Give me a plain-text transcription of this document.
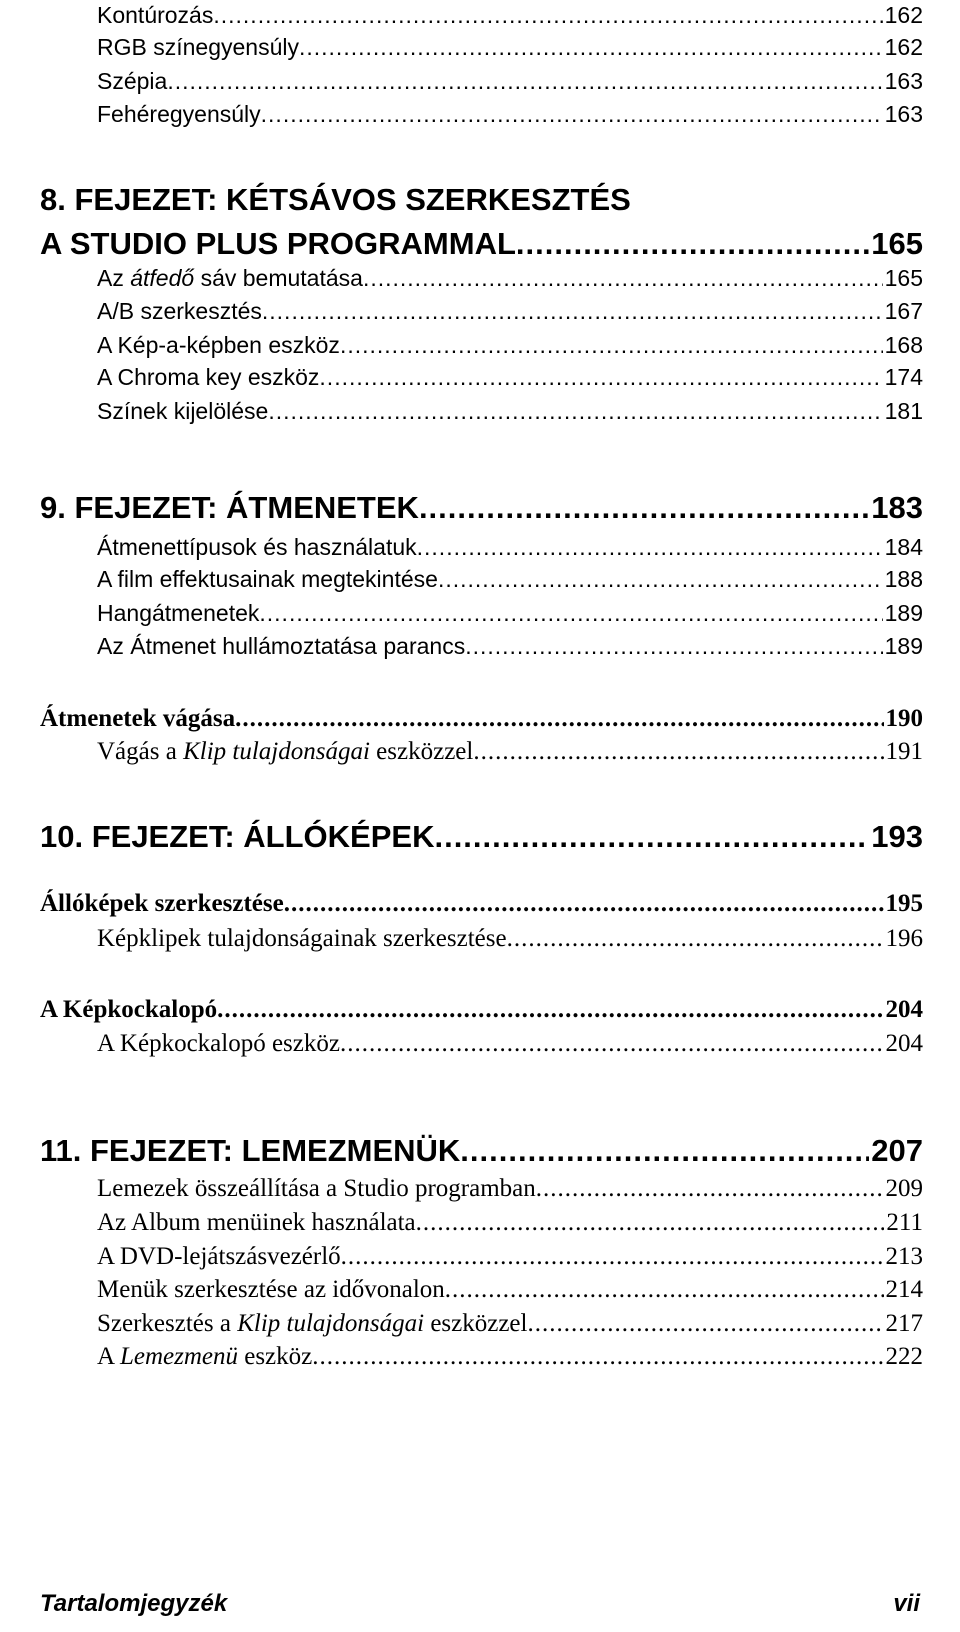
Kontúrozás .....	162
RGB színegyensúly .....	162
Szépia .....	163
Fehéregyensúly .....	163
8. FEJEZET: KÉTSÁVOS SZERKESZTÉS
A STUDIO PLUS PROGRAMMAL .....	165
Az átfedő sáv bemutatása .....	165
A/B szerkesztés .....	167
A Kép-a-képben eszköz .....	168
A Chroma key eszköz .....	174
Színek kijelölése .....	181
9. FEJEZET: ÁTMENETEK .....	183
Átmenettípusok és használatuk .....	184
A film effektusainak megtekintése .....	188
Hangátmenetek .....	189
Az Átmenet hullámoztatása parancs .....	189
Átmenetek vágása .....	190
Vágás a Klip tulajdonságai eszközzel .....	191
10. FEJEZET: ÁLLÓKÉPEK .....	193
Állóképek szerkesztése .....	195
Képklipek tulajdonságainak szerkesztése .....	196
A Képkockalopó .....	204
A Képkockalopó eszköz .....	204
11. FEJEZET: LEMEZMENÜK .....	207
Lemezek összeállítása a Studio programban .....	209
Az Album menüinek használata .....	211
A DVD-lejátszásvezérlő .....	213
Menük szerkesztése az idővonalon .....	214
Szerkesztés a Klip tulajdonságai eszközzel .....	217
A Lemezmenü eszköz .....	222
Tartalomjegyzék	vii
